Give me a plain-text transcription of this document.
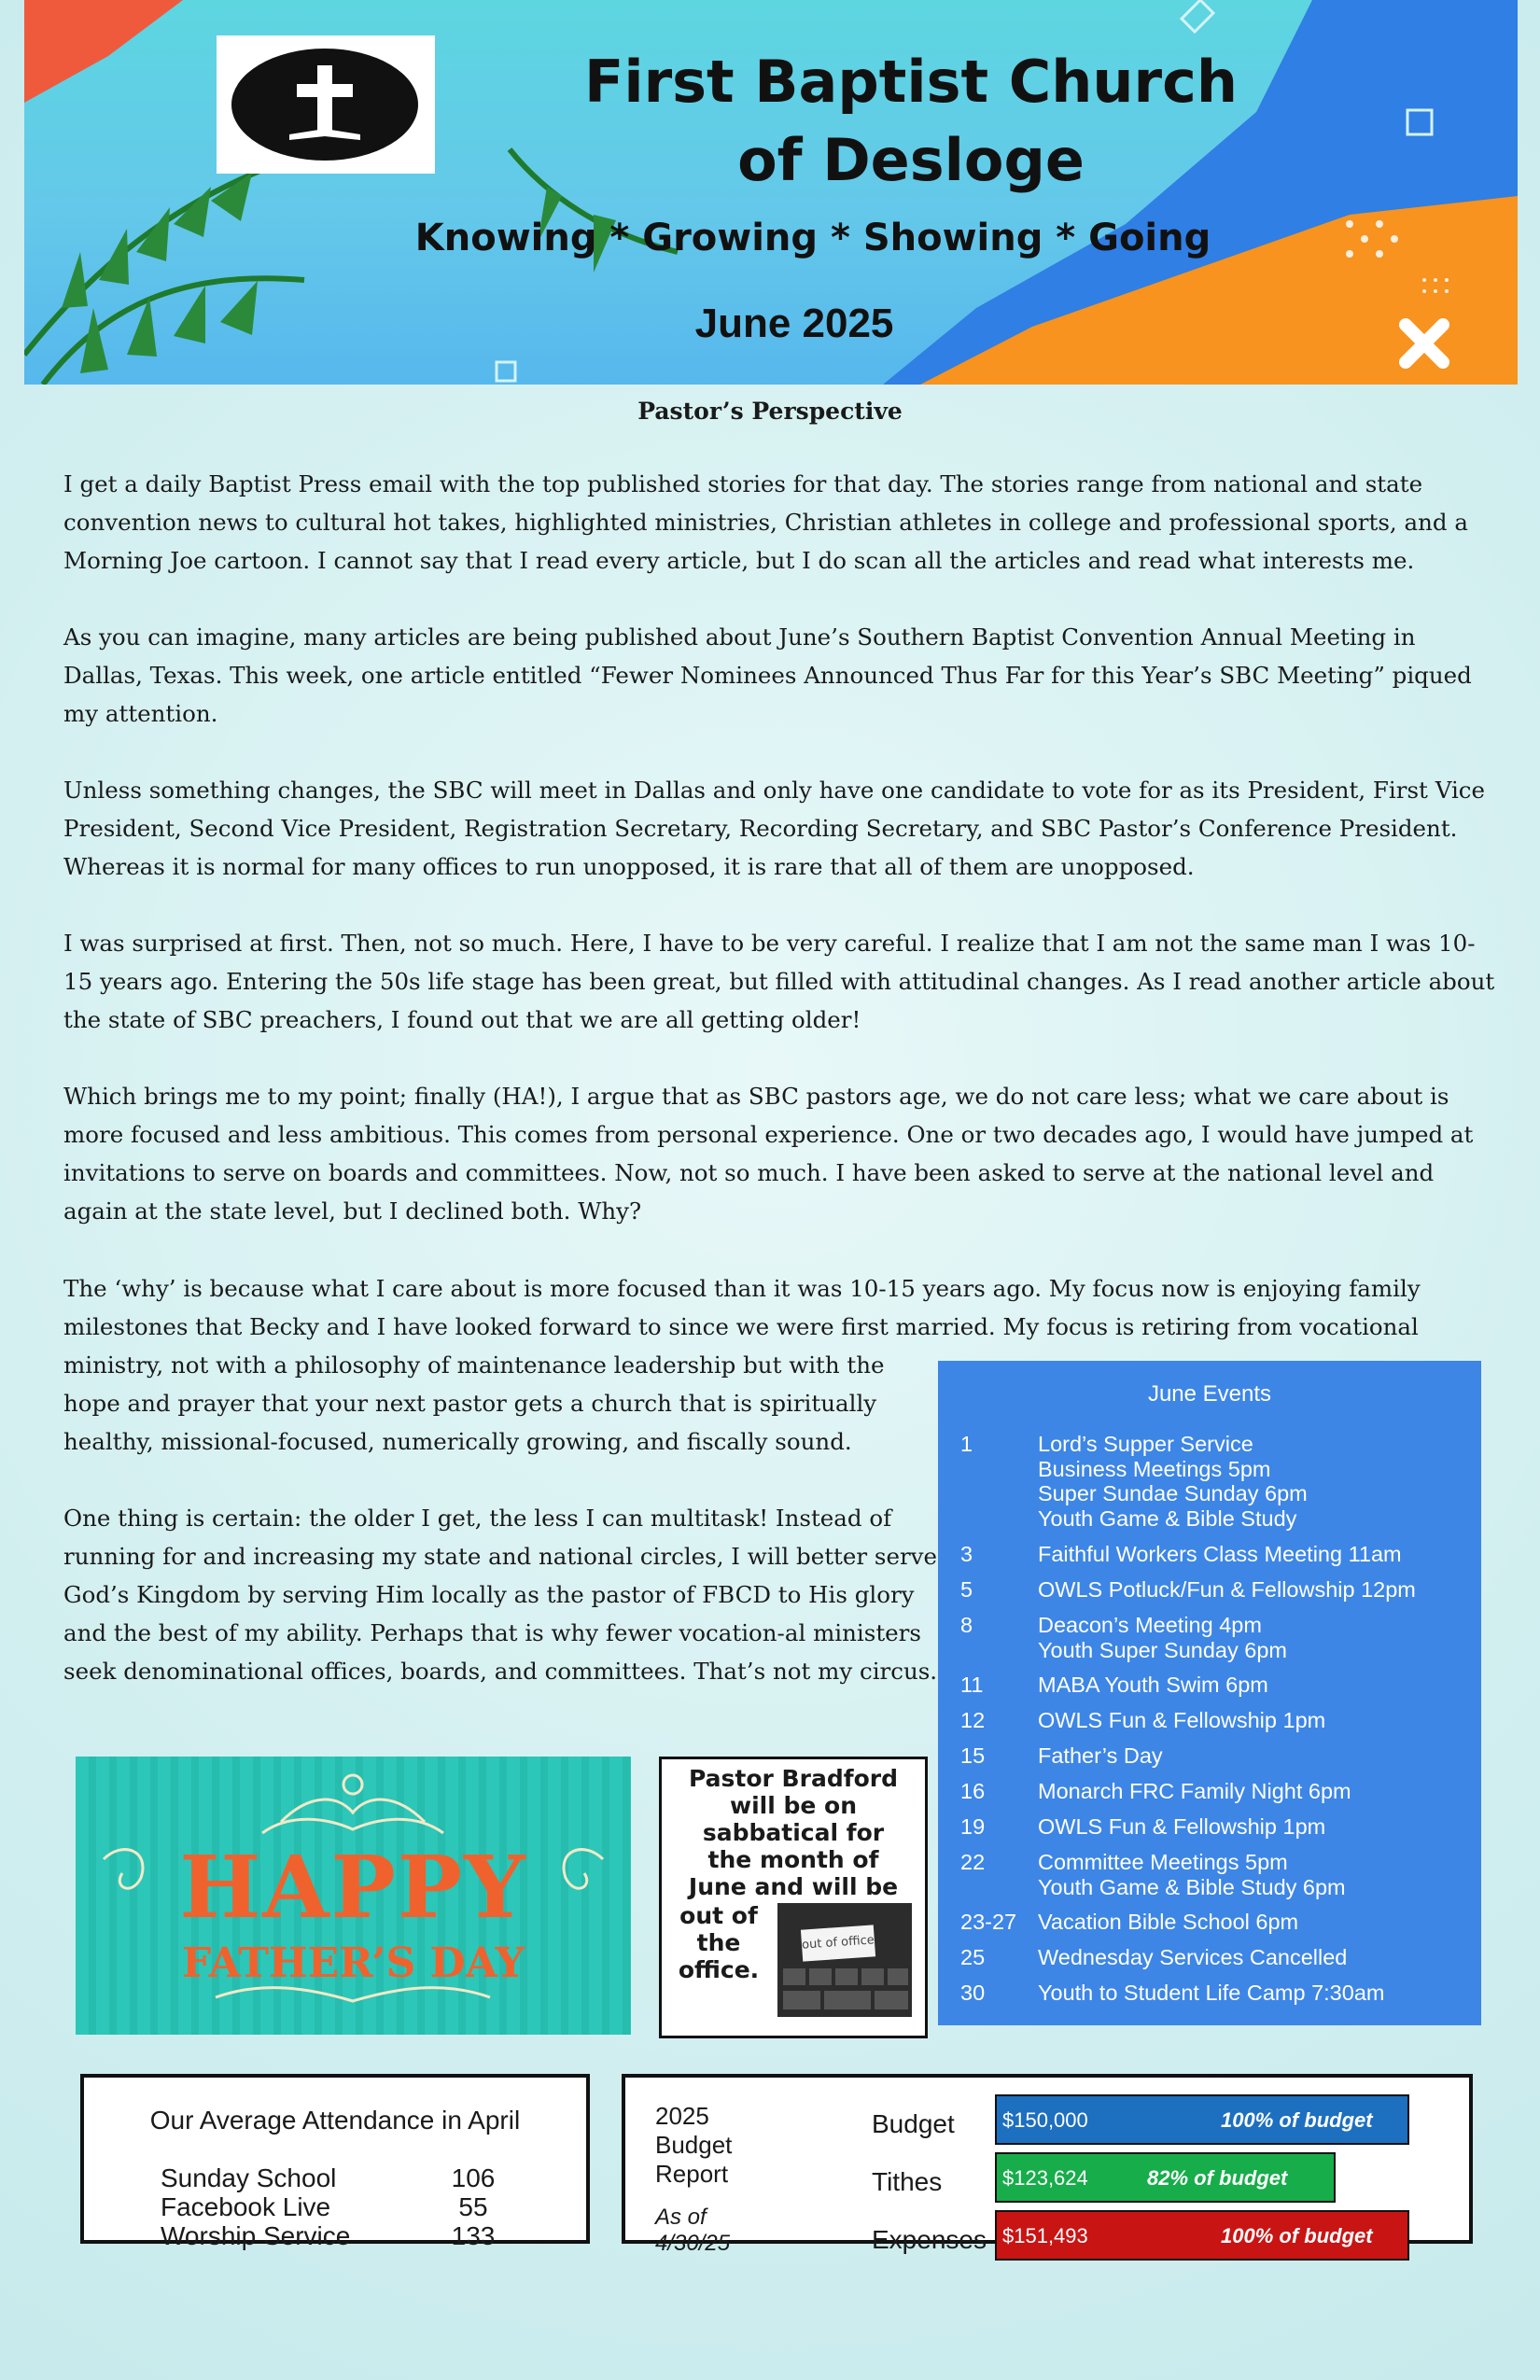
First Baptist Church
of Desloge
Knowing * Growing * Showing * Going
June 2025
Pastor’s Perspective

I get a daily Baptist Press email with the top published stories for that day. The stories range from national and state convention news to cultural hot takes, highlighted ministries, Christian athletes in college and professional sports, and a Morning Joe cartoon. I cannot say that I read every article, but I do scan all the articles and read what interests me.

As you can imagine, many articles are being published about June’s Southern Baptist Convention Annual Meeting in Dallas, Texas. This week, one article entitled “Fewer Nominees Announced Thus Far for this Year’s SBC Meeting” piqued my attention.

Unless something changes, the SBC will meet in Dallas and only have one candidate to vote for as its President, First Vice President, Second Vice President, Registration Secretary, Recording Secretary, and SBC Pastor’s Conference President. Whereas it is normal for many offices to run unopposed, it is rare that all of them are unopposed.

I was surprised at first. Then, not so much. Here, I have to be very careful. I realize that I am not the same man I was 10-15 years ago. Entering the 50s life stage has been great, but filled with attitudinal changes. As I read another article about the state of SBC preachers, I found out that we are all getting older!

Which brings me to my point; finally (HA!), I argue that as SBC pastors age, we do not care less; what we care about is more focused and less ambitious. This comes from personal experience. One or two decades ago, I would have jumped at invitations to serve on boards and committees. Now, not so much. I have been asked to serve at the national level and again at the state level, but I declined both. Why?

The ‘why’ is because what I care about is more focused than it was 10-15 years ago. My focus now is enjoying family milestones that Becky and I have looked forward to since we were first married. My focus is retiring from vocational

ministry, not with a philosophy of maintenance leadership but with the hope and prayer that your next pastor gets a church that is spiritually healthy, missional-focused, numerically growing, and fiscally sound.

One thing is certain: the older I get, the less I can multitask! Instead of running for and increasing my state and national circles, I will better serve God’s Kingdom by serving Him locally as the pastor of FBCD to His glory and the best of my ability. Perhaps that is why fewer vocation-al ministers seek denominational offices, boards, and committees. That’s not my circus.

June Events
1	Lord’s Supper Service
Business Meetings 5pm
Super Sundae Sunday 6pm
Youth Game & Bible Study
3	Faithful Workers Class Meeting 11am
5	OWLS Potluck/Fun & Fellowship 12pm
8	Deacon’s Meeting 4pm
Youth Super Sunday 6pm
11	MABA Youth Swim 6pm
12	OWLS Fun & Fellowship 1pm
15	Father’s Day
16	Monarch FRC Family Night 6pm
19	OWLS Fun & Fellowship 1pm
22	Committee Meetings 5pm
Youth Game & Bible Study 6pm
23-27 Vacation Bible School 6pm
25	Wednesday Services Cancelled
30	Youth to Student Life Camp 7:30am
HAPPY
FATHER’S DAY
Pastor Bradford
will be on
sabbatical for
the month of
June and will be
out of
the
office.
out of office
Our Average Attendance in April
Sunday School	106
Facebook Live	55
Worship Service	133
2025
Budget
Report
As of
4/30/25
Budget $150,000	100% of budget
Tithes	$123,624	82% of budget
Expenses $151,493	100% of budget
